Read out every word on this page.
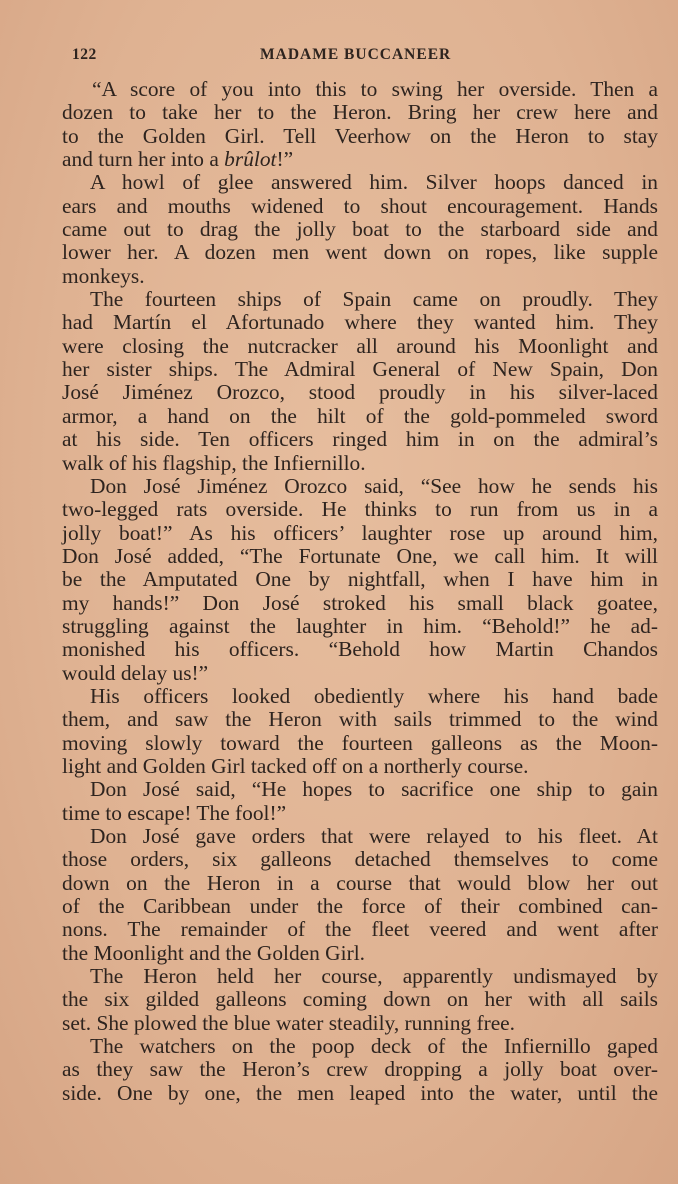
122	MADAME BUCCANEER
“A score of you into this to swing her overside. Then a
dozen to take her to the Heron. Bring her crew here and
to the Golden Girl. Tell Veerhow on the Heron to stay
and turn her into a brûlot!”
A howl of glee answered him. Silver hoops danced in
ears and mouths widened to shout encouragement. Hands
came out to drag the jolly boat to the starboard side and
lower her. A dozen men went down on ropes, like supple
monkeys.
The fourteen ships of Spain came on proudly. They
had Martín el Afortunado where they wanted him. They
were closing the nutcracker all around his Moonlight and
her sister ships. The Admiral General of New Spain, Don
José Jiménez Orozco, stood proudly in his silver-laced
armor, a hand on the hilt of the gold-pommeled sword
at his side. Ten officers ringed him in on the admiral’s
walk of his flagship, the Infiernillo.
Don José Jiménez Orozco said, “See how he sends his
two-legged rats overside. He thinks to run from us in a
jolly boat!” As his officers’ laughter rose up around him,
Don José added, “The Fortunate One, we call him. It will
be the Amputated One by nightfall, when I have him in
my hands!” Don José stroked his small black goatee,
struggling against the laughter in him. “Behold!” he ad-
monished his officers. “Behold how Martin Chandos
would delay us!”
His officers looked obediently where his hand bade
them, and saw the Heron with sails trimmed to the wind
moving slowly toward the fourteen galleons as the Moon-
light and Golden Girl tacked off on a northerly course.
Don José said, “He hopes to sacrifice one ship to gain
time to escape! The fool!”
Don José gave orders that were relayed to his fleet. At
those orders, six galleons detached themselves to come
down on the Heron in a course that would blow her out
of the Caribbean under the force of their combined can-
nons. The remainder of the fleet veered and went after
the Moonlight and the Golden Girl.
The Heron held her course, apparently undismayed by
the six gilded galleons coming down on her with all sails
set. She plowed the blue water steadily, running free.
The watchers on the poop deck of the Infiernillo gaped
as they saw the Heron’s crew dropping a jolly boat over-
side. One by one, the men leaped into the water, until the
